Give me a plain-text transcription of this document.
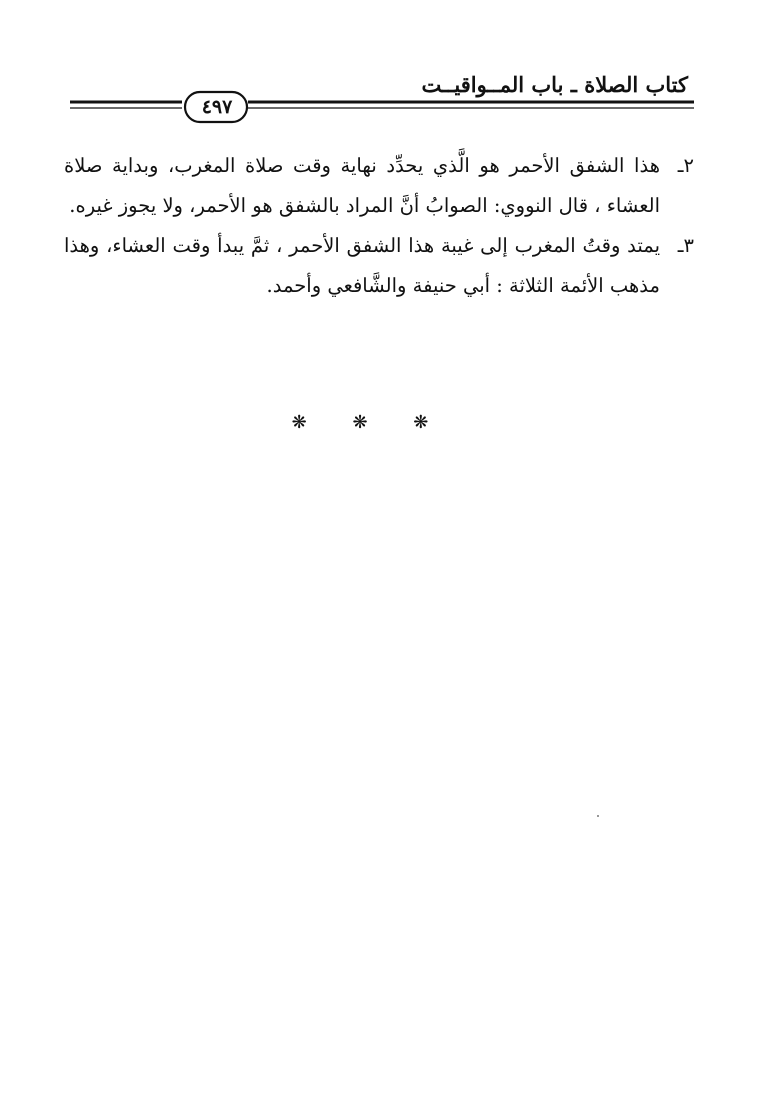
كتاب الصلاة ـ باب المــواقيــت
٤٩٧

٢ـ
هذا الشفق الأحمر هو الَّذي يحدِّد نهاية وقت صلاة المغرب، وبداية صلاة العشاء ، قال النووي: الصوابُ أنَّ المراد بالشفق هو الأحمر، ولا يجوز غيره.

٣ـ
يمتد وقتُ المغرب إلى غيبة هذا الشفق الأحمر ، ثمَّ يبدأ وقت العشاء، وهذا مذهب الأئمة الثلاثة : أبي حنيفة والشَّافعي وأحمد.

❋ ❋ ❋
